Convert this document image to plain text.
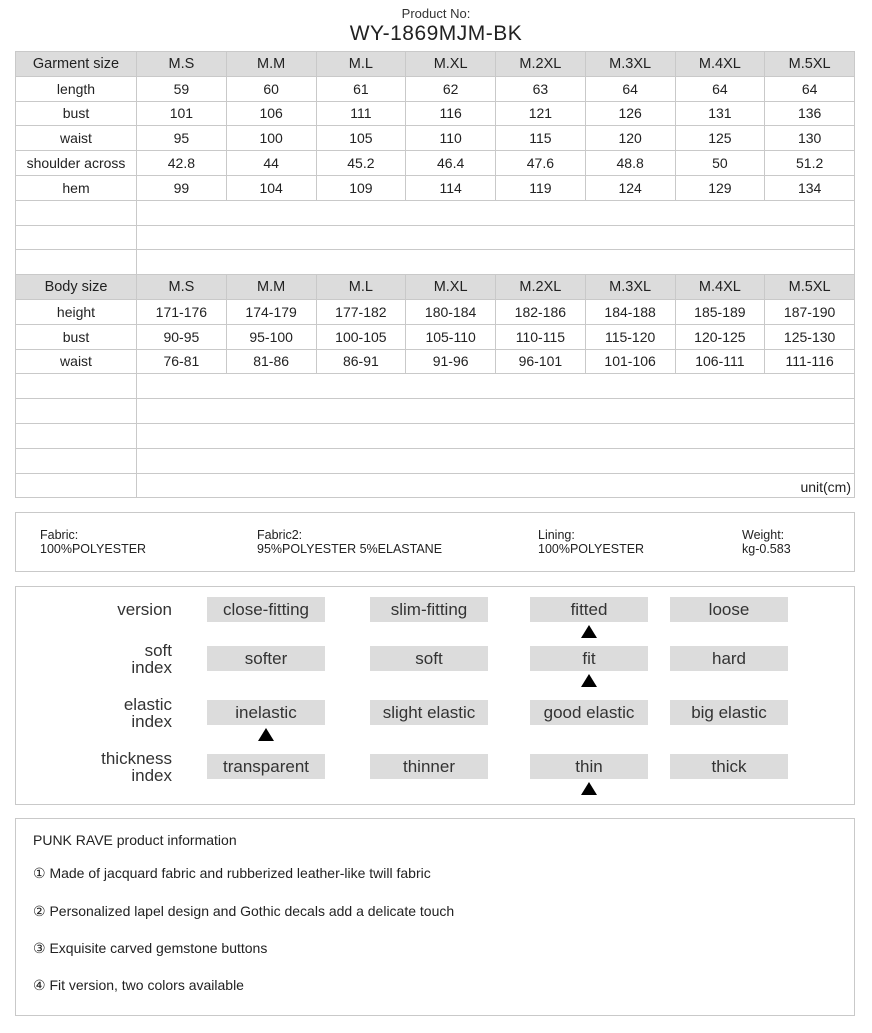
Product No:
WY-1869MJM-BK
Garment size	M.S	M.M	M.L	M.XL	M.2XL	M.3XL	M.4XL	M.5XL
length	59	60	61	62	63	64	64	64
bust	101	106	111	116	121	126	131	136
waist	95	100	105	110	115	120	125	130
shoulder across	42.8	44	45.2	46.4	47.6	48.8	50	51.2
hem	99	104	109	114	119	124	129	134

Body size	M.S	M.M	M.L	M.XL	M.2XL	M.3XL	M.4XL	M.5XL
height	171-176	174-179	177-182	180-184	182-186	184-188	185-189	187-190
bust	90-95	95-100	100-105	105-110	110-115	115-120	120-125	125-130
waist	76-81	81-86	86-91	91-96	96-101	101-106	106-111	111-116

	unit(cm)							
Fabric:
100%POLYESTER
Fabric2:
95%POLYESTER 5%ELASTANE
Lining:
100%POLYESTER
Weight:
kg-0.583
version	close-fitting	slim-fitting	fitted	loose
soft
index	softer	soft	fit	hard
elastic
index	inelastic	slight elastic	good elastic	big elastic
thickness
index	transparent	thinner	thin	thick
PUNK RAVE product information
① Made of jacquard fabric and rubberized leather-like twill fabric
② Personalized lapel design and Gothic decals add a delicate touch
③ Exquisite carved gemstone buttons
④ Fit version, two colors available
